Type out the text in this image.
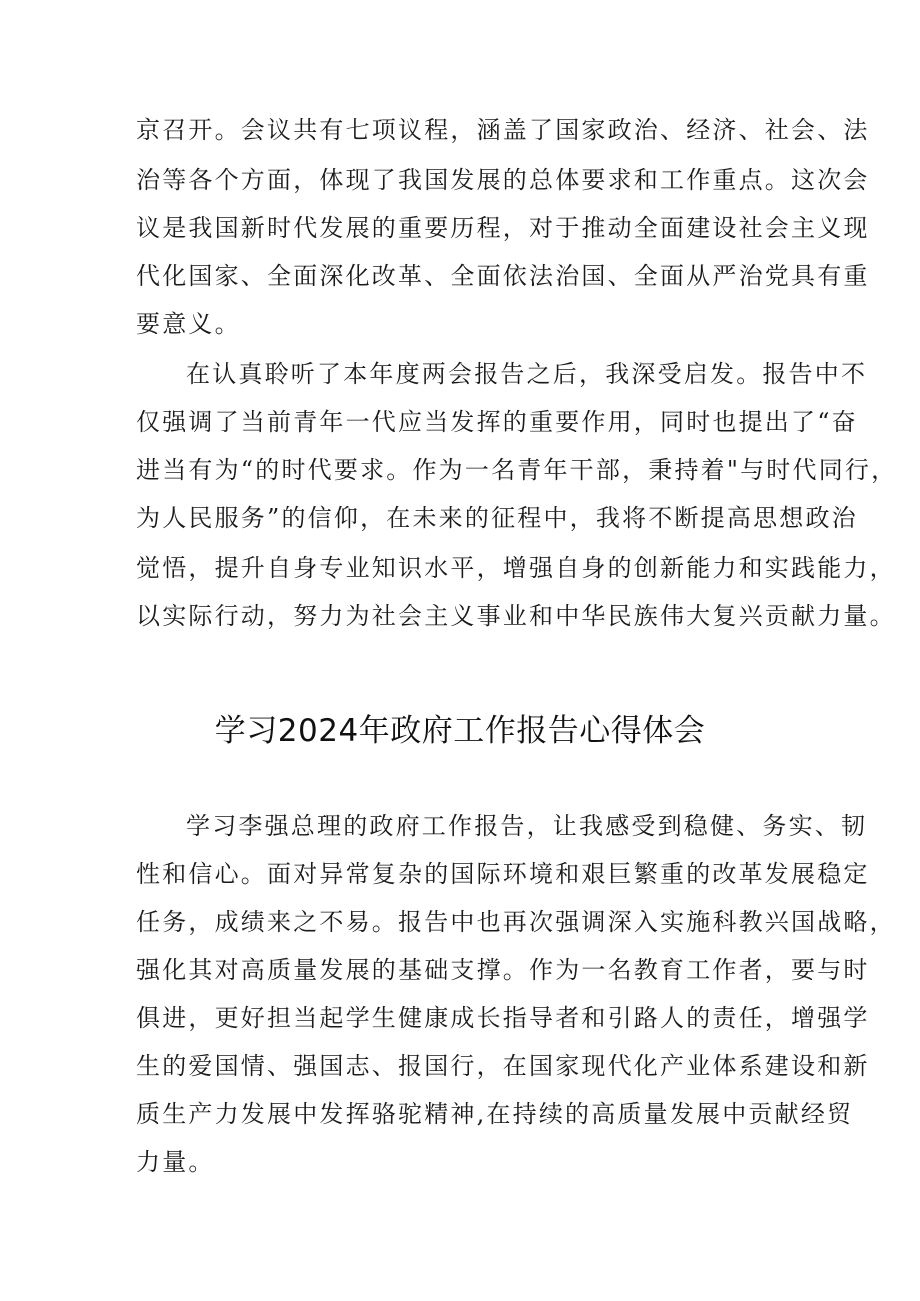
京召开。会议共有七项议程，涵盖了国家政治、经济、社会、法
治等各个方面，体现了我国发展的总体要求和工作重点。这次会
议是我国新时代发展的重要历程，对于推动全面建设社会主义现
代化国家、全面深化改革、全面依法治国、全面从严治党具有重
要意义。
在认真聆听了本年度两会报告之后，我深受启发。报告中不
仅强调了当前青年一代应当发挥的重要作用，同时也提出了“奋
进当有为“的时代要求。作为一名青年干部，秉持着"与时代同行，
为人民服务”的信仰，在未来的征程中，我将不断提高思想政治
觉悟，提升自身专业知识水平，增强自身的创新能力和实践能力，
以实际行动，努力为社会主义事业和中华民族伟大复兴贡献力量。
学习2024年政府工作报告心得体会
学习李强总理的政府工作报告，让我感受到稳健、务实、韧
性和信心。面对异常复杂的国际环境和艰巨繁重的改革发展稳定
任务，成绩来之不易。报告中也再次强调深入实施科教兴国战略，
强化其对高质量发展的基础支撑。作为一名教育工作者，要与时
俱进，更好担当起学生健康成长指导者和引路人的责任，增强学
生的爱国情、强国志、报国行，在国家现代化产业体系建设和新
质生产力发展中发挥骆驼精神,在持续的高质量发展中贡献经贸
力量。
